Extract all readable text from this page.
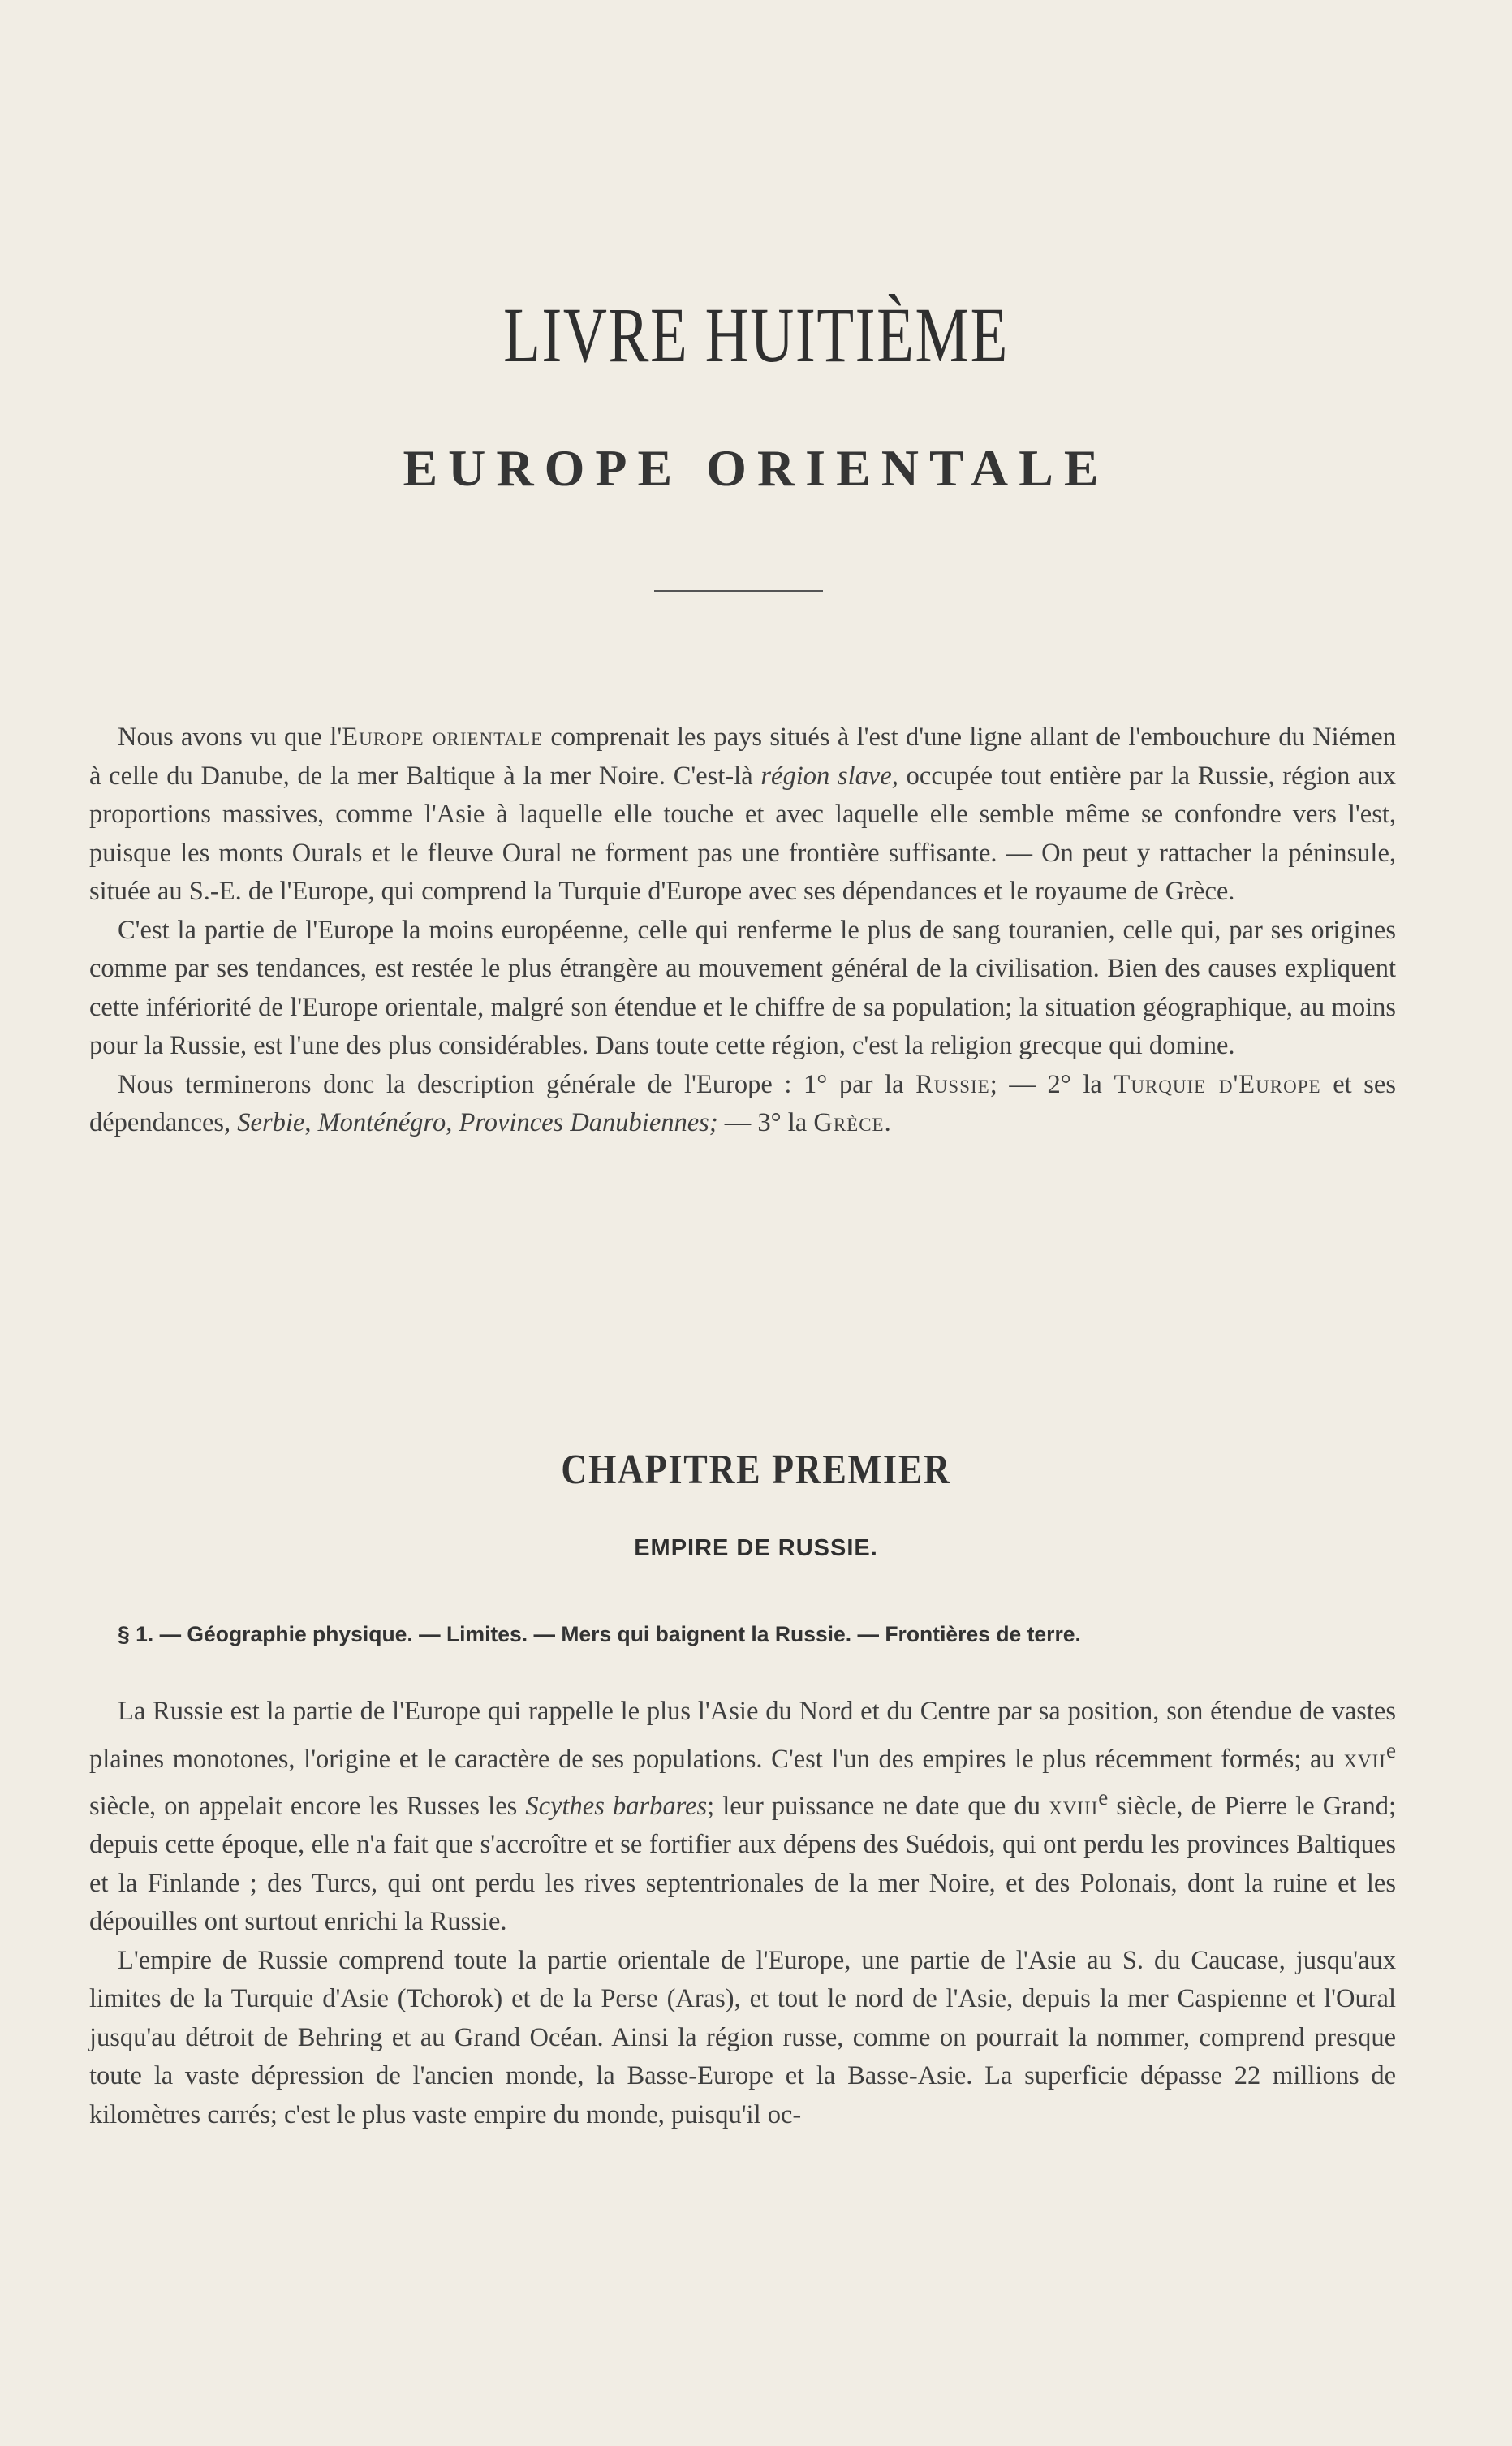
LIVRE HUITIÈME
EUROPE ORIENTALE

Nous avons vu que l'Europe orientale comprenait les pays situés à l'est d'une ligne allant de l'embouchure du Niémen à celle du Danube, de la mer Baltique à la mer Noire. C'est-là région slave, occupée tout entière par la Russie, région aux proportions massives, comme l'Asie à laquelle elle touche et avec laquelle elle semble même se confondre vers l'est, puisque les monts Ourals et le fleuve Oural ne forment pas une frontière suffisante. — On peut y rattacher la péninsule, située au S.-E. de l'Europe, qui comprend la Turquie d'Europe avec ses dépendances et le royaume de Grèce.

C'est la partie de l'Europe la moins européenne, celle qui renferme le plus de sang touranien, celle qui, par ses origines comme par ses tendances, est restée le plus étrangère au mouvement général de la civilisation. Bien des causes expliquent cette infériorité de l'Europe orientale, malgré son étendue et le chiffre de sa population; la situation géographique, au moins pour la Russie, est l'une des plus considérables. Dans toute cette région, c'est la religion grecque qui domine.

Nous terminerons donc la description générale de l'Europe : 1° par la Russie; — 2° la Turquie d'Europe et ses dépendances, Serbie, Monténégro, Provinces Danubiennes; — 3° la Grèce.

CHAPITRE PREMIER
EMPIRE DE RUSSIE.
§ 1. — Géographie physique. — Limites. — Mers qui baignent la Russie. — Frontières de terre.

La Russie est la partie de l'Europe qui rappelle le plus l'Asie du Nord et du Centre par sa position, son étendue de vastes plaines monotones, l'origine et le caractère de ses populations. C'est l'un des empires le plus récemment formés; au xvii$^e$ siècle, on appelait encore les Russes les Scythes barbares; leur puissance ne date que du xviii$^e$ siècle, de Pierre le Grand; depuis cette époque, elle n'a fait que s'accroître et se fortifier aux dépens des Suédois, qui ont perdu les provinces Baltiques et la Finlande ; des Turcs, qui ont perdu les rives septentrionales de la mer Noire, et des Polonais, dont la ruine et les dépouilles ont surtout enrichi la Russie.

L'empire de Russie comprend toute la partie orientale de l'Europe, une partie de l'Asie au S. du Caucase, jusqu'aux limites de la Turquie d'Asie (Tchorok) et de la Perse (Aras), et tout le nord de l'Asie, depuis la mer Caspienne et l'Oural jusqu'au détroit de Behring et au Grand Océan. Ainsi la région russe, comme on pourrait la nommer, comprend presque toute la vaste dépression de l'ancien monde, la Basse-Europe et la Basse-Asie. La superficie dépasse 22 millions de kilomètres carrés; c'est le plus vaste empire du monde, puisqu'il oc-
